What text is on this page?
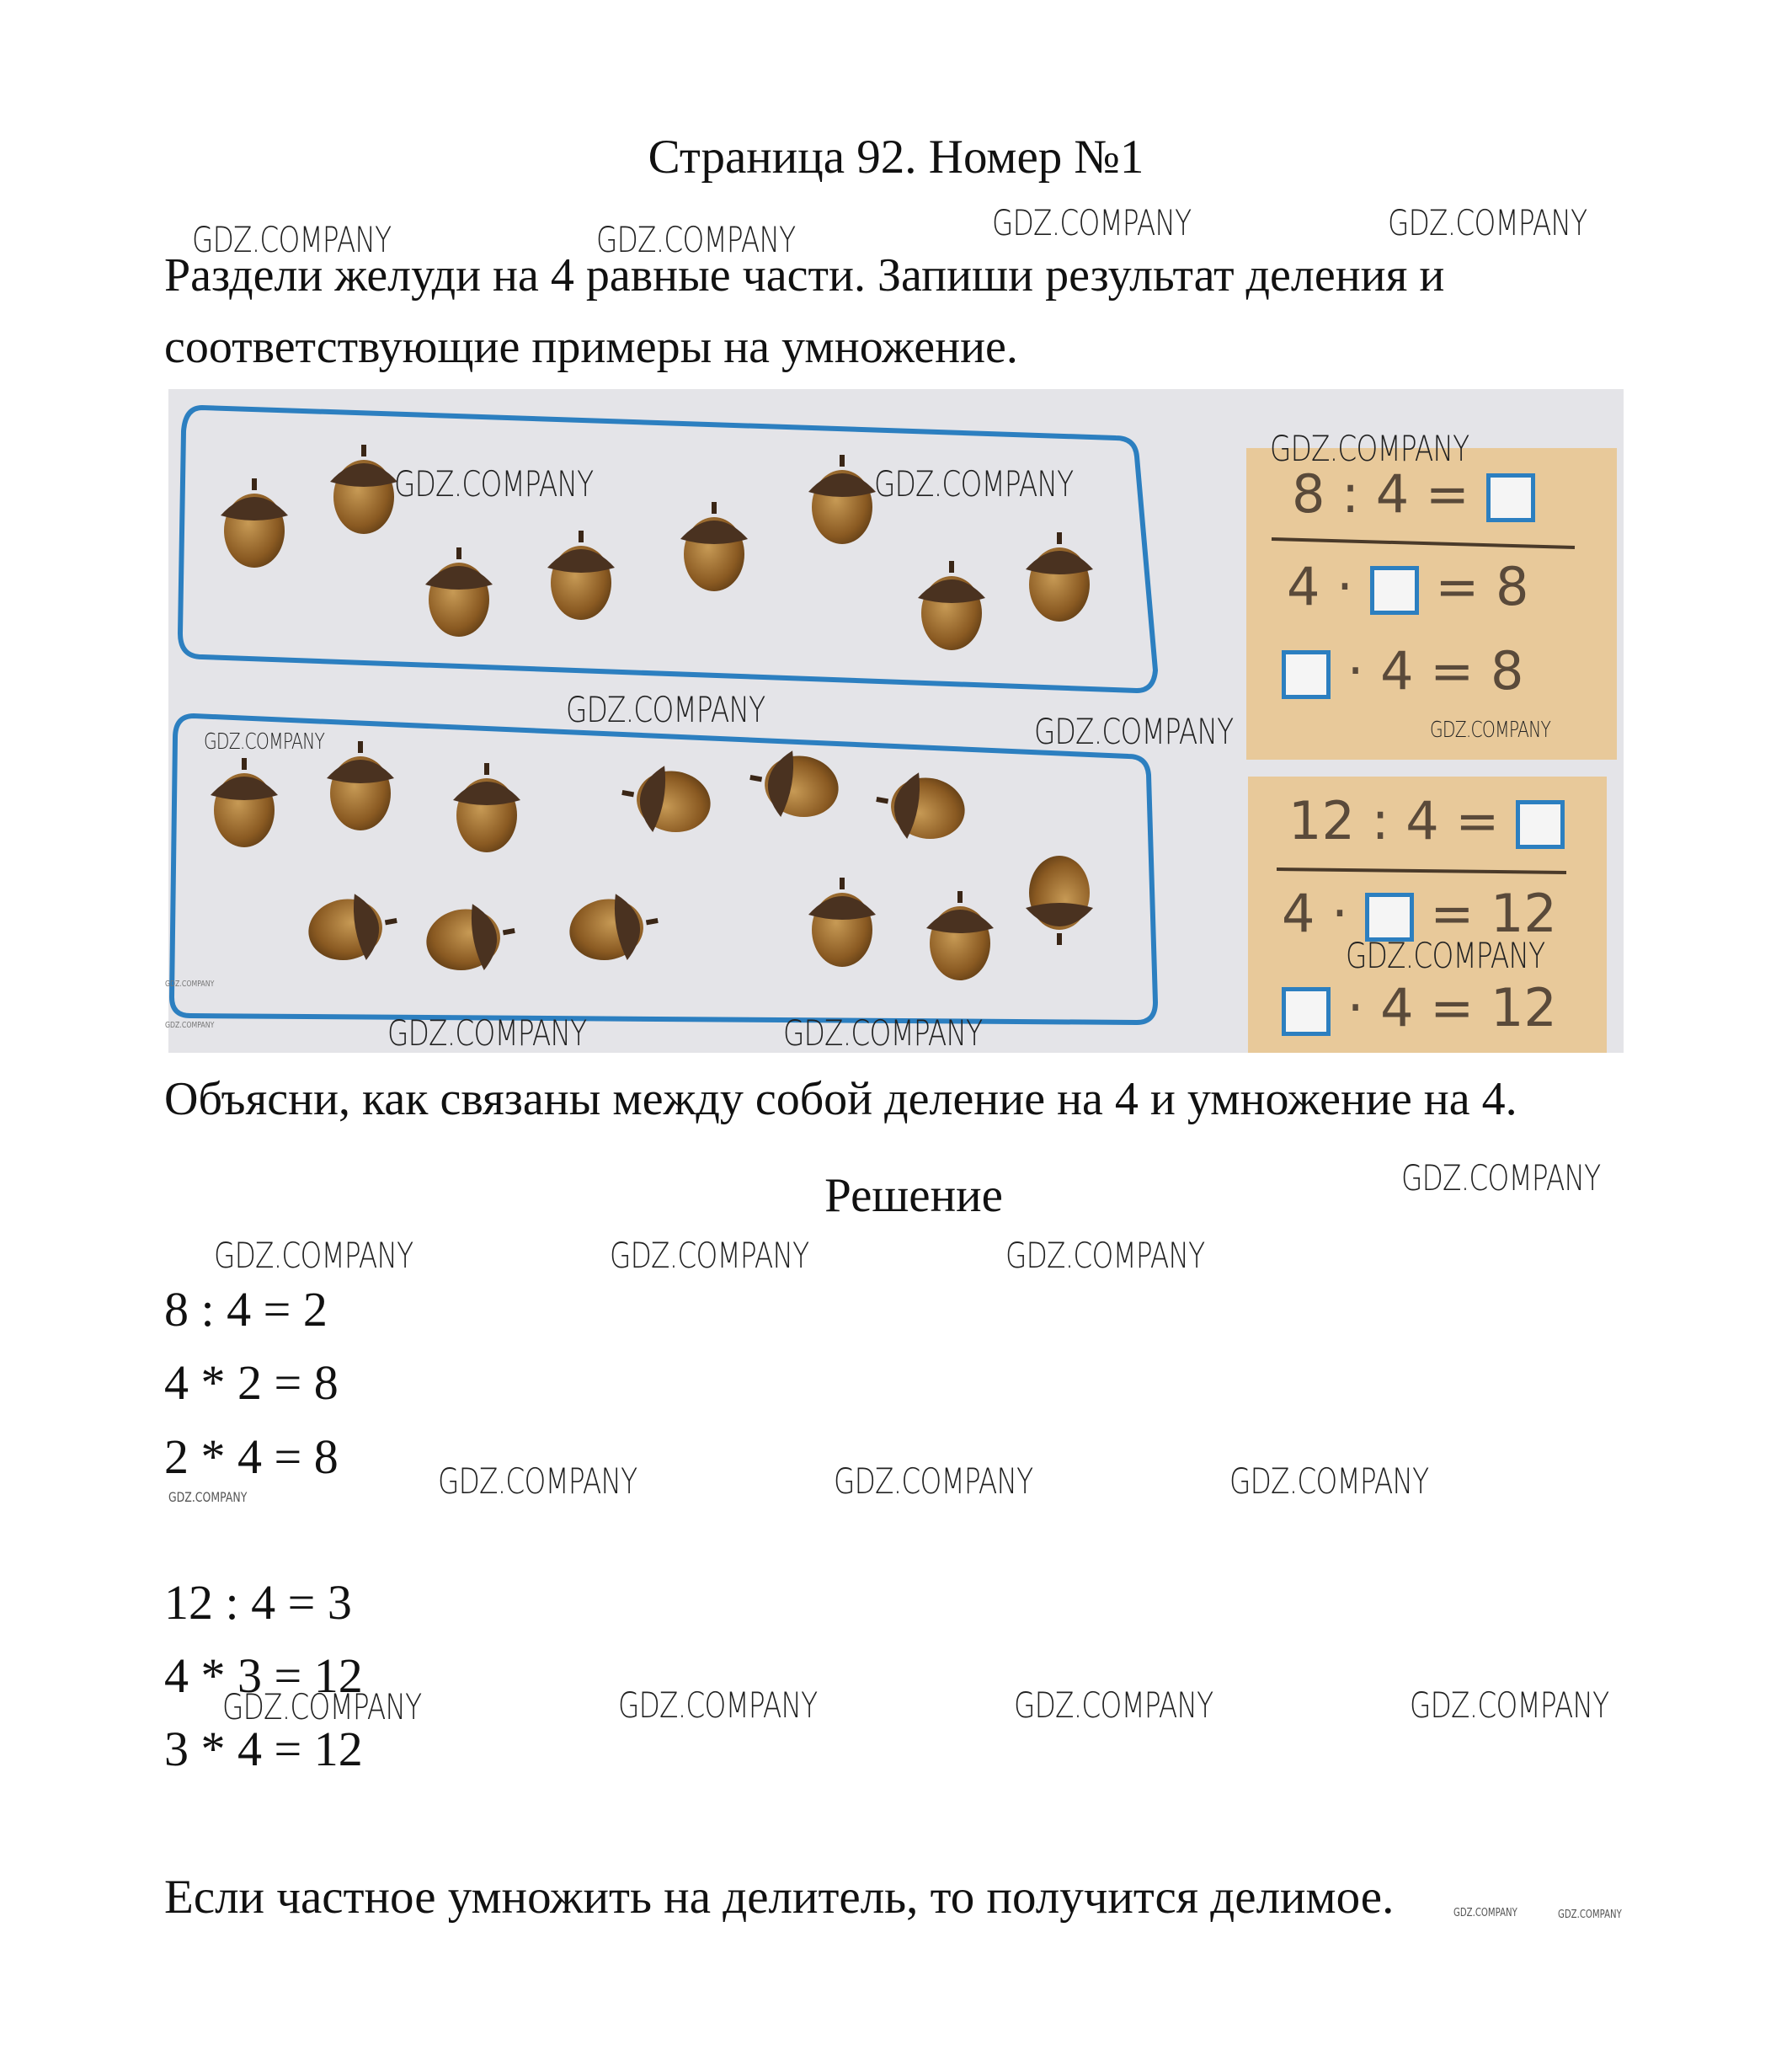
Страница 92. Номер №1
Раздели желуди на 4 равные части. Запиши результат деления и
соответствующие примеры на умножение.
8 : 4 =
4 · = 8
· 4 = 8
12 : 4 =
4 · = 12
· 4 = 12
Объясни, как связаны между собой деление на 4 и умножение на 4.
Решение
8 : 4 = 2
4 * 2 = 8
2 * 4 = 8
12 : 4 = 3
4 * 3 = 12
3 * 4 = 12
Если частное умножить на делитель, то получится делимое.
GDZ.COMPANY	GDZ.COMPANY	GDZ.COMPANY	GDZ.COMPANY
GDZ.COMPANY
GDZ.COMPANY	GDZ.COMPANY
GDZ.COMPANY
GDZ.COMPANY
GDZ.COMPANY	GDZ.COMPANY
GDZ.COMPANY
GDZ.COMPANY	GDZ.COMPANY
GDZ.COMPANY
GDZ.COMPANY	GDZ.COMPANY	GDZ.COMPANY
GDZ.COMPANY	GDZ.COMPANY	GDZ.COMPANY
GDZ.COMPANY	GDZ.COMPANY	GDZ.COMPANY	GDZ.COMPANY
GDZ.COMPANY
GDZ.COMPANY
GDZ.COMPANY
GDZ.COMPANY	GDZ.COMPANY
